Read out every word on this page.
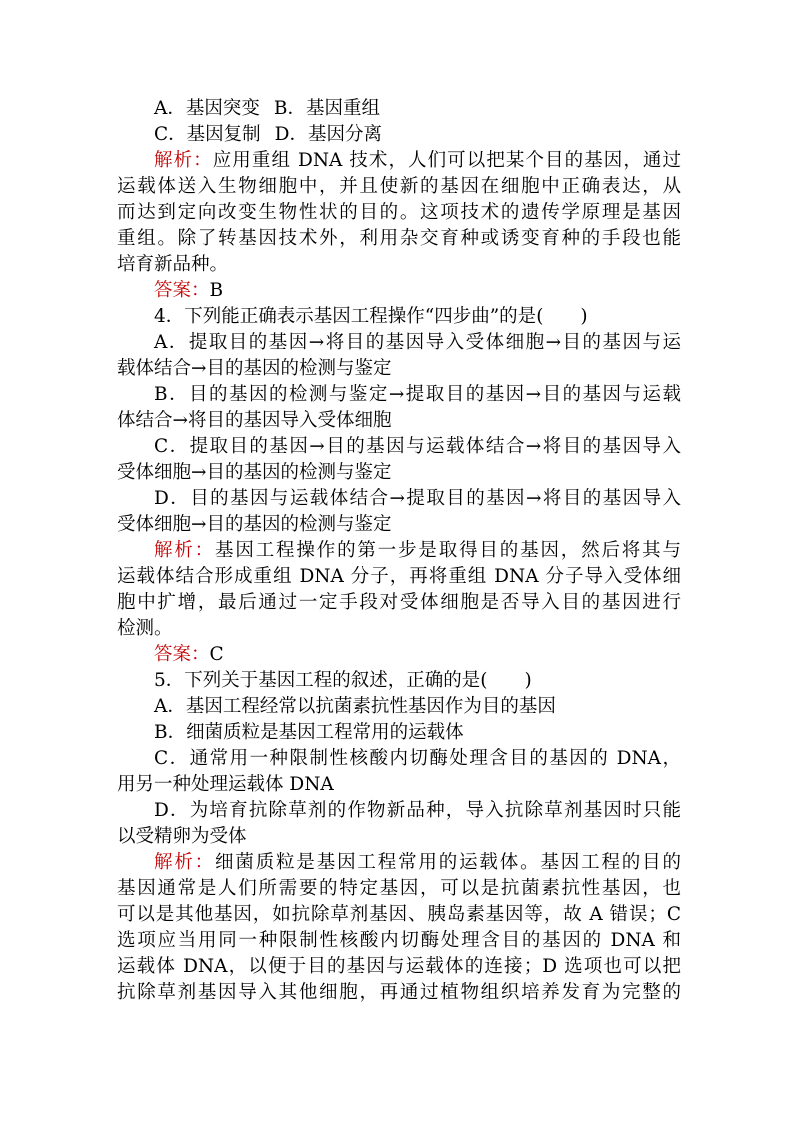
A．基因突变 B．基因重组
C．基因复制 D．基因分离
解析：应用重组 DNA 技术，人们可以把某个目的基因，通过
运载体送入生物细胞中，并且使新的基因在细胞中正确表达，从
而达到定向改变生物性状的目的。这项技术的遗传学原理是基因
重组。除了转基因技术外，利用杂交育种或诱变育种的手段也能
培育新品种。
答案：B
4．下列能正确表示基因工程操作“四步曲”的是(　　)
A．提取目的基因→将目的基因导入受体细胞→目的基因与运
载体结合→目的基因的检测与鉴定
B．目的基因的检测与鉴定→提取目的基因→目的基因与运载
体结合→将目的基因导入受体细胞
C．提取目的基因→目的基因与运载体结合→将目的基因导入
受体细胞→目的基因的检测与鉴定
D．目的基因与运载体结合→提取目的基因→将目的基因导入
受体细胞→目的基因的检测与鉴定
解析：基因工程操作的第一步是取得目的基因，然后将其与
运载体结合形成重组 DNA 分子，再将重组 DNA 分子导入受体细
胞中扩增，最后通过一定手段对受体细胞是否导入目的基因进行
检测。
答案：C
5．下列关于基因工程的叙述，正确的是(　　)
A．基因工程经常以抗菌素抗性基因作为目的基因
B．细菌质粒是基因工程常用的运载体
C．通常用一种限制性核酸内切酶处理含目的基因的 DNA，
用另一种处理运载体 DNA
D．为培育抗除草剂的作物新品种，导入抗除草剂基因时只能
以受精卵为受体
解析：细菌质粒是基因工程常用的运载体。基因工程的目的
基因通常是人们所需要的特定基因，可以是抗菌素抗性基因，也
可以是其他基因，如抗除草剂基因、胰岛素基因等，故 A 错误；C
选项应当用同一种限制性核酸内切酶处理含目的基因的 DNA 和
运载体 DNA，以便于目的基因与运载体的连接；D 选项也可以把
抗除草剂基因导入其他细胞，再通过植物组织培养发育为完整的
